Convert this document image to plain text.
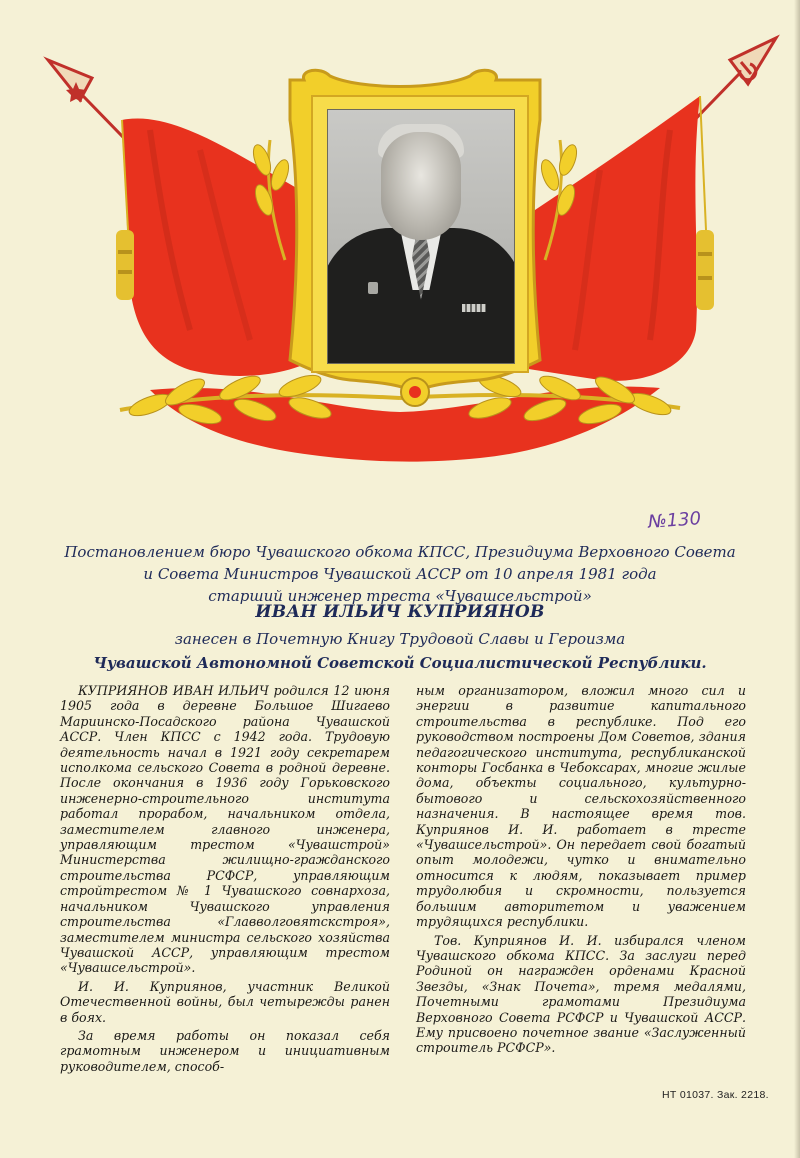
№130
Постановлением бюро Чувашского обкома КПСС, Президиума Верховного Совета
и Совета Министров Чувашской АССР от 10 апреля 1981 года
старший инженер треста «Чувашсельстрой»
ИВАН ИЛЬИЧ КУПРИЯНОВ
занесен в Почетную Книгу Трудовой Славы и Героизма
Чувашской Автономной Советской Социалистической Республики.

КУПРИЯНОВ ИВАН ИЛЬИЧ родился 12 июня 1905 года в деревне Большое Шигаево Мариинско-Посадского района Чувашской АССР. Член КПСС с 1942 года. Трудовую деятельность начал в 1921 году секретарем исполкома сельского Совета в родной деревне. После окончания в 1936 году Горьковского инженерно-строительного института работал прорабом, начальником отдела, заместителем главного инженера, управляющим трестом «Чувашстрой» Министерства жилищно-гражданского строительства РСФСР, управляющим стройтрестом № 1 Чувашского совнархоза, начальником Чувашского управления строительства «Главволговятскстроя», заместителем министра сельского хозяйства Чувашской АССР, управляющим трестом «Чувашсельстрой».

И. И. Куприянов, участник Великой Отечественной войны, был четырежды ранен в боях.

За время работы он показал себя грамотным инженером и инициативным руководителем, способ-

ным организатором, вложил много сил и энергии в развитие капитального строительства в республике. Под его руководством построены Дом Советов, здания педагогического института, республиканской конторы Госбанка в Чебоксарах, многие жилые дома, объекты социального, культурно-бытового и сельскохозяйственного назначения. В настоящее время тов. Куприянов И. И. работает в тресте «Чувашсельстрой». Он передает свой богатый опыт молодежи, чутко и внимательно относится к людям, показывает пример трудолюбия и скромности, пользуется большим авторитетом и уважением трудящихся республики.

Тов. Куприянов И. И. избирался членом Чувашского обкома КПСС. За заслуги перед Родиной он награжден орденами Красной Звезды, «Знак Почета», тремя медалями, Почетными грамотами Президиума Верховного Совета РСФСР и Чувашской АССР. Ему присвоено почетное звание «Заслуженный строитель РСФСР».

НТ 01037. Зак. 2218.
